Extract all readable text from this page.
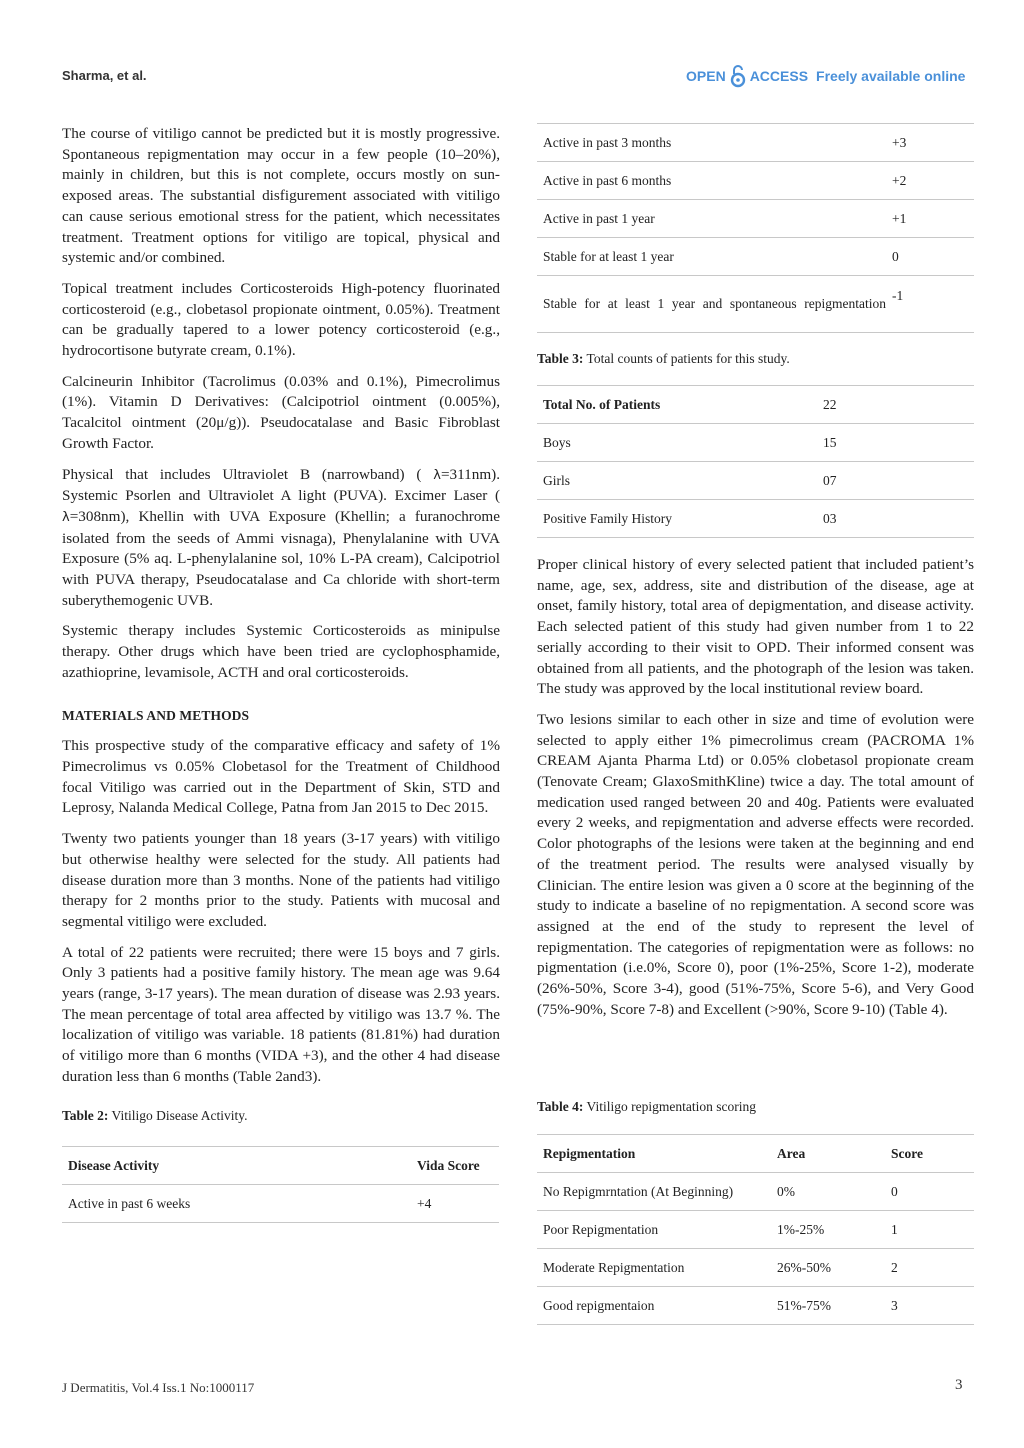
Sharma, et al.	OPEN ACCESS Freely available online

The course of vitiligo cannot be predicted but it is mostly progressive. Spontaneous repigmentation may occur in a few people (10–20%), mainly in children, but this is not complete, occurs mostly on sun-exposed areas. The substantial disfigurement associated with vitiligo can cause serious emotional stress for the patient, which necessitates treatment. Treatment options for vitiligo are topical, physical and systemic and/or combined.

Topical treatment includes Corticosteroids High-potency fluorinated corticosteroid (e.g., clobetasol propionate ointment, 0.05%). Treatment can be gradually tapered to a lower potency corticosteroid (e.g., hydrocortisone butyrate cream, 0.1%).

Calcineurin Inhibitor (Tacrolimus (0.03% and 0.1%), Pimecrolimus (1%). Vitamin D Derivatives: (Calcipotriol ointment (0.005%), Tacalcitol ointment (20μ/g)). Pseudocatalase and Basic Fibroblast Growth Factor.

Physical that includes Ultraviolet B (narrowband) ( λ=311nm). Systemic Psorlen and Ultraviolet A light (PUVA). Excimer Laser ( λ=308nm), Khellin with UVA Exposure (Khellin; a furanochrome isolated from the seeds of Ammi visnaga), Phenylalanine with UVA Exposure (5% aq. L-phenylalanine sol, 10% L-PA cream), Calcipotriol with PUVA therapy, Pseudocatalase and Ca chloride with short-term suberythemogenic UVB.

Systemic therapy includes Systemic Corticosteroids as minipulse therapy. Other drugs which have been tried are cyclophosphamide, azathioprine, levamisole, ACTH and oral corticosteroids.

MATERIALS AND METHODS

This prospective study of the comparative efficacy and safety of 1% Pimecrolimus vs 0.05% Clobetasol for the Treatment of Childhood focal Vitiligo was carried out in the Department of Skin, STD and Leprosy, Nalanda Medical College, Patna from Jan 2015 to Dec 2015.

Twenty two patients younger than 18 years (3-17 years) with vitiligo but otherwise healthy were selected for the study. All patients had disease duration more than 3 months. None of the patients had vitiligo therapy for 2 months prior to the study. Patients with mucosal and segmental vitiligo were excluded.

A total of 22 patients were recruited; there were 15 boys and 7 girls. Only 3 patients had a positive family history. The mean age was 9.64 years (range, 3-17 years). The mean duration of disease was 2.93 years. The mean percentage of total area affected by vitiligo was 13.7 %. The localization of vitiligo was variable. 18 patients (81.81%) had duration of vitiligo more than 6 months (VIDA +3), and the other 4 had disease duration less than 6 months (Table 2and3).

Table 2: Vitiligo Disease Activity.

Disease Activity	Vida Score
Active in past 6 weeks	+4
Active in past 3 months	+3
Active in past 6 months	+2
Active in past 1 year	+1
Stable for at least 1 year	0

Stable for at least 1 year and spontaneous repigmentation	-1
Table 3: Total counts of patients for this study.
Total No. of Patients	22
Boys	15
Girls	07
Positive Family History	03

Proper clinical history of every selected patient that included patient’s name, age, sex, address, site and distribution of the disease, age at onset, family history, total area of depigmentation, and disease activity. Each selected patient of this study had given number from 1 to 22 serially according to their visit to OPD. Their informed consent was obtained from all patients, and the photograph of the lesion was taken. The study was approved by the local institutional review board.

Two lesions similar to each other in size and time of evolution were selected to apply either 1% pimecrolimus cream (PACROMA 1% CREAM Ajanta Pharma Ltd) or 0.05% clobetasol propionate cream (Tenovate Cream; GlaxoSmithKline) twice a day. The total amount of medication used ranged between 20 and 40g. Patients were evaluated every 2 weeks, and repigmentation and adverse effects were recorded. Color photographs of the lesions were taken at the beginning and end of the treatment period. The results were analysed visually by Clinician. The entire lesion was given a 0 score at the beginning of the study to indicate a baseline of no repigmentation. A second score was assigned at the end of the study to represent the level of repigmentation. The categories of repigmentation were as follows: no pigmentation (i.e.0%, Score 0), poor (1%-25%, Score 1-2), moderate (26%-50%, Score 3-4), good (51%-75%, Score 5-6), and Very Good (75%-90%, Score 7-8) and Excellent (>90%, Score 9-10) (Table 4).

Table 4: Vitiligo repigmentation scoring
Repigmentation	Area	Score
No Repigmrntation (At Beginning)	0%	0
Poor Repigmentation	1%-25%	1
Moderate Repigmentation	26%-50%	2
Good repigmentaion	51%-75%	3
J Dermatitis, Vol.4 Iss.1 No:1000117	3
